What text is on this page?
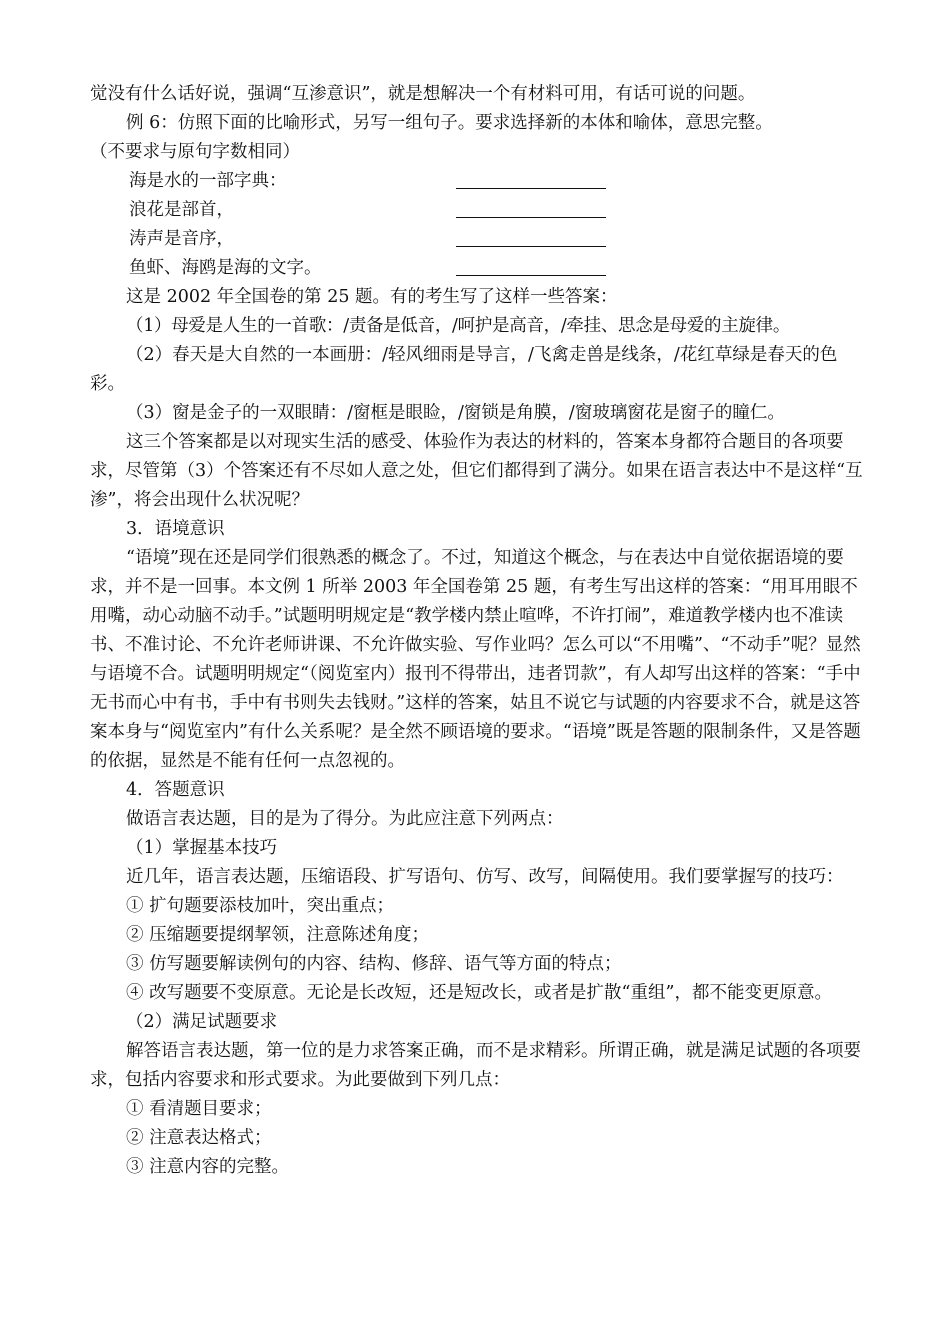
觉没有什么话好说，强调“互渗意识”，就是想解决一个有材料可用，有话可说的问题。

例 6：仿照下面的比喻形式，另写一组句子。要求选择新的本体和喻体，意思完整。

（不要求与原句字数相同）

海是水的一部字典：
浪花是部首，
涛声是音序，
鱼虾、海鸥是海的文字。

这是 2002 年全国卷的第 25 题。有的考生写了这样一些答案：

（1）母爱是人生的一首歌：/责备是低音，/呵护是高音，/牵挂、思念是母爱的主旋律。

（2）春天是大自然的一本画册：/轻风细雨是导言，/飞禽走兽是线条，/花红草绿是春天的色彩。

（3）窗是金子的一双眼睛：/窗框是眼睑，/窗锁是角膜，/窗玻璃窗花是窗子的瞳仁。

这三个答案都是以对现实生活的感受、体验作为表达的材料的，答案本身都符合题目的各项要求，尽管第（3）个答案还有不尽如人意之处，但它们都得到了满分。如果在语言表达中不是这样“互渗”，将会出现什么状况呢？

3．语境意识

“语境”现在还是同学们很熟悉的概念了。不过，知道这个概念，与在表达中自觉依据语境的要求，并不是一回事。本文例 1 所举 2003 年全国卷第 25 题，有考生写出这样的答案：“用耳用眼不用嘴，动心动脑不动手。”试题明明规定是“教学楼内禁止喧哗，不许打闹”，难道教学楼内也不准读书、不准讨论、不允许老师讲课、不允许做实验、写作业吗？怎么可以“不用嘴”、“不动手”呢？显然与语境不合。试题明明规定“（阅览室内）报刊不得带出，违者罚款”，有人却写出这样的答案：“手中无书而心中有书，手中有书则失去钱财。”这样的答案，姑且不说它与试题的内容要求不合，就是这答案本身与“阅览室内”有什么关系呢？是全然不顾语境的要求。“语境”既是答题的限制条件，又是答题的依据，显然是不能有任何一点忽视的。

4．答题意识

做语言表达题，目的是为了得分。为此应注意下列两点：

（1）掌握基本技巧

近几年，语言表达题，压缩语段、扩写语句、仿写、改写，间隔使用。我们要掌握写的技巧：

① 扩句题要添枝加叶，突出重点；

② 压缩题要提纲挈领，注意陈述角度；

③ 仿写题要解读例句的内容、结构、修辞、语气等方面的特点；

④ 改写题要不变原意。无论是长改短，还是短改长，或者是扩散“重组”，都不能变更原意。

（2）满足试题要求

解答语言表达题，第一位的是力求答案正确，而不是求精彩。所谓正确，就是满足试题的各项要求，包括内容要求和形式要求。为此要做到下列几点：

① 看清题目要求；

② 注意表达格式；

③ 注意内容的完整。
